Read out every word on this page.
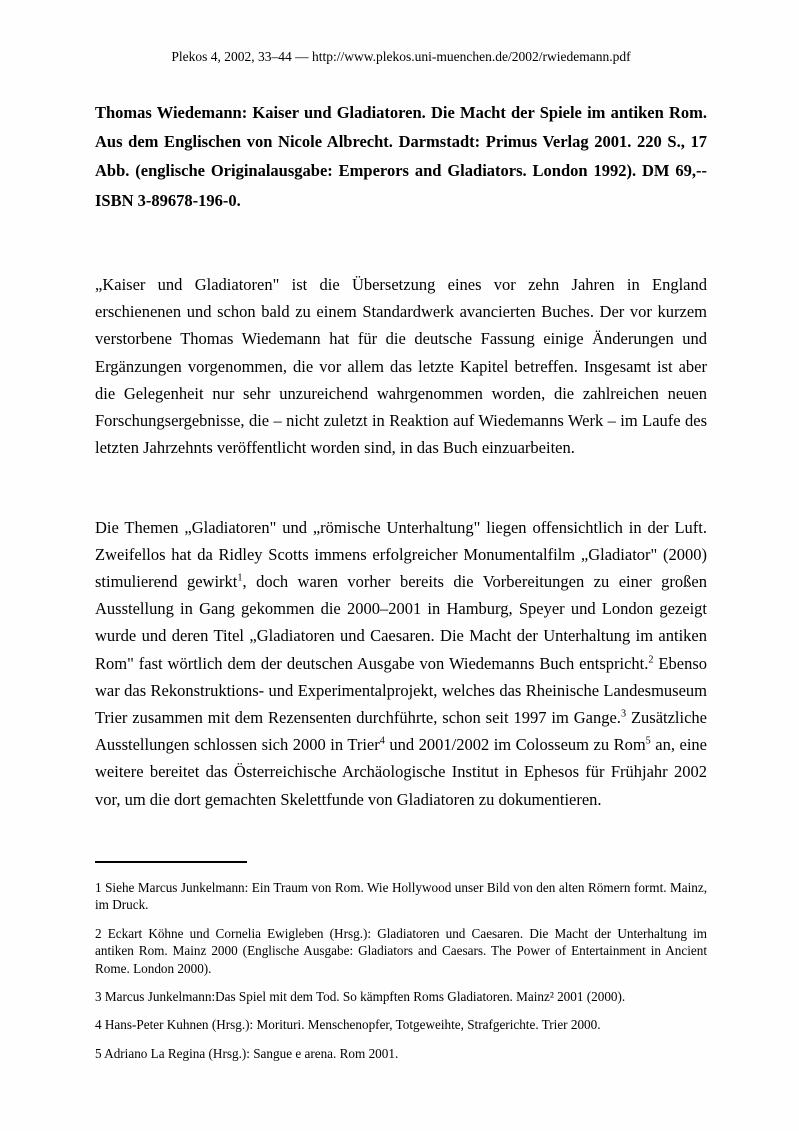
Plekos 4, 2002, 33–44 — http://www.plekos.uni-muenchen.de/2002/rwiedemann.pdf

Thomas Wiedemann: Kaiser und Gladiatoren. Die Macht der Spiele im antiken Rom. Aus dem Englischen von Nicole Albrecht. Darmstadt: Primus Verlag 2001. 220 S., 17 Abb. (englische Originalausgabe: Emperors and Gladiators. London 1992). DM 69,-- ISBN 3-89678-196-0.

„Kaiser und Gladiatoren" ist die Übersetzung eines vor zehn Jahren in England erschienenen und schon bald zu einem Standardwerk avancierten Buches. Der vor kurzem verstorbene Thomas Wiedemann hat für die deutsche Fassung einige Änderungen und Ergänzungen vorgenommen, die vor allem das letzte Kapitel betreffen. Insgesamt ist aber die Gelegenheit nur sehr unzureichend wahrgenommen worden, die zahlreichen neuen Forschungsergebnisse, die – nicht zuletzt in Reaktion auf Wiedemanns Werk – im Laufe des letzten Jahrzehnts veröffentlicht worden sind, in das Buch einzuarbeiten.

Die Themen „Gladiatoren" und „römische Unterhaltung" liegen offensichtlich in der Luft. Zweifellos hat da Ridley Scotts immens erfolgreicher Monumentalfilm „Gladiator" (2000) stimulierend gewirkt$^1$, doch waren vorher bereits die Vorbereitungen zu einer großen Ausstellung in Gang gekommen die 2000–2001 in Hamburg, Speyer und London gezeigt wurde und deren Titel „Gladiatoren und Caesaren. Die Macht der Unterhaltung im antiken Rom" fast wörtlich dem der deutschen Ausgabe von Wiedemanns Buch entspricht.$^2$ Ebenso war das Rekonstruktions- und Experimentalprojekt, welches das Rheinische Landesmuseum Trier zusammen mit dem Rezensenten durchführte, schon seit 1997 im Gange.$^3$ Zusätzliche Ausstellungen schlossen sich 2000 in Trier$^4$ und 2001/2002 im Colosseum zu Rom$^5$ an, eine weitere bereitet das Österreichische Archäologische Institut in Ephesos für Frühjahr 2002 vor, um die dort gemachten Skelettfunde von Gladiatoren zu dokumentieren.

1 Siehe Marcus Junkelmann: Ein Traum von Rom. Wie Hollywood unser Bild von den alten Römern formt. Mainz, im Druck.

2 Eckart Köhne und Cornelia Ewigleben (Hrsg.): Gladiatoren und Caesaren. Die Macht der Unterhaltung im antiken Rom. Mainz 2000 (Englische Ausgabe: Gladiators and Caesars. The Power of Entertainment in Ancient Rome. London 2000).

3 Marcus Junkelmann:Das Spiel mit dem Tod. So kämpften Roms Gladiatoren. Mainz² 2001 (2000).

4 Hans-Peter Kuhnen (Hrsg.): Morituri. Menschenopfer, Totgeweihte, Strafgerichte. Trier 2000.

5 Adriano La Regina (Hrsg.): Sangue e arena. Rom 2001.
